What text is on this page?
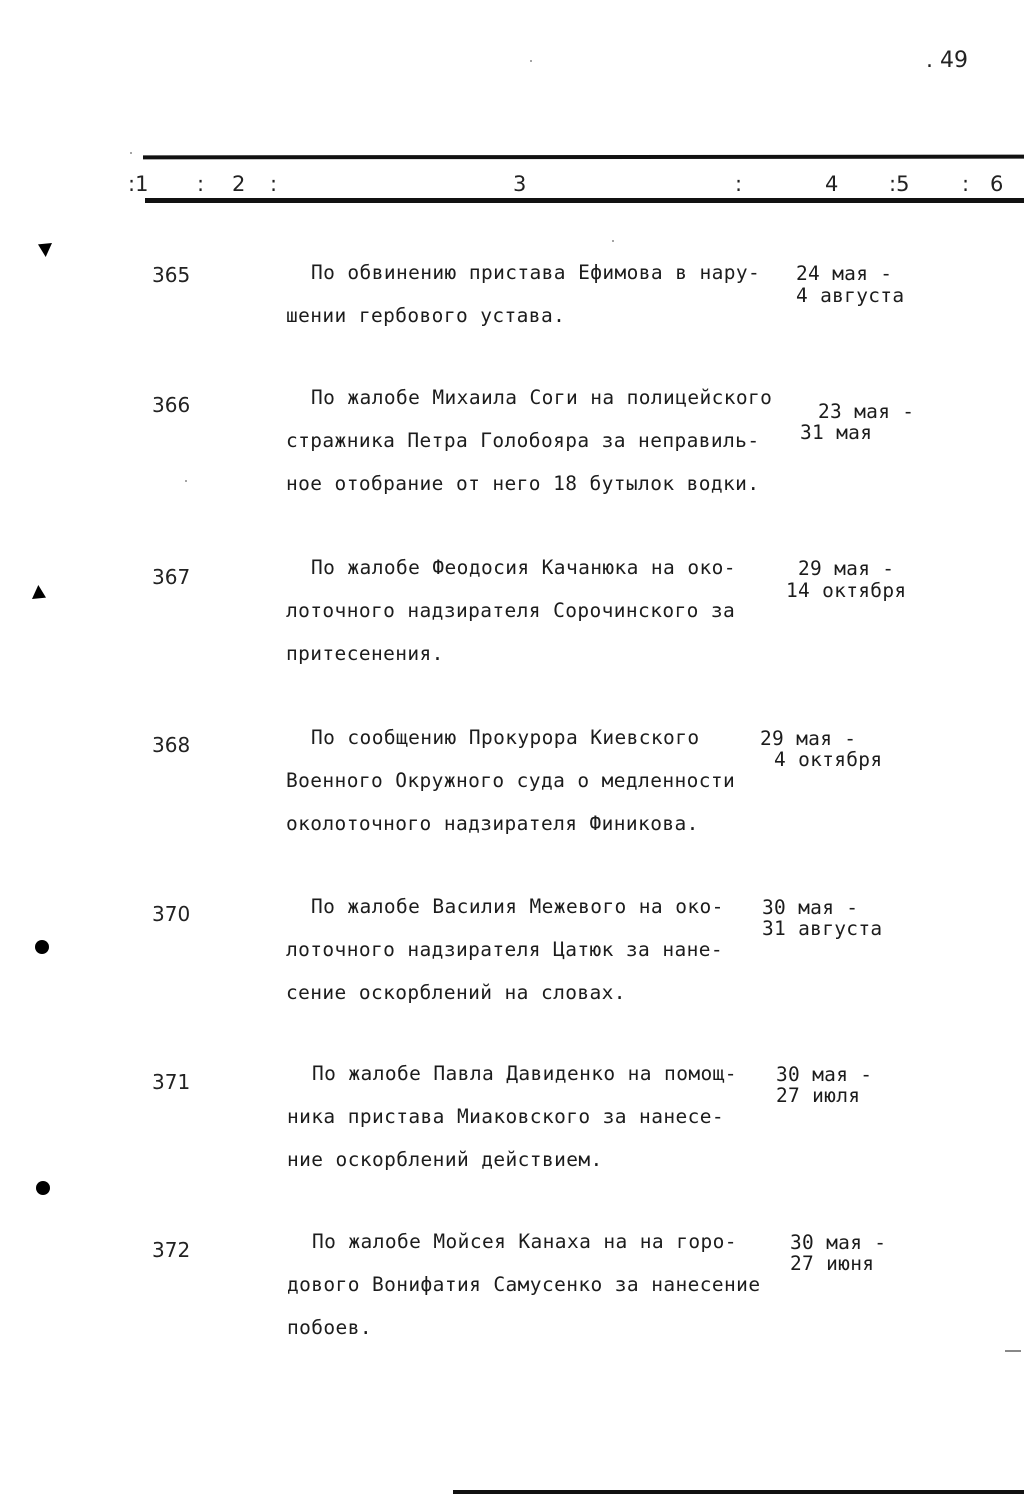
. 49
:1 : 2 :	3	:	4 :5	: 6
365	По обвинению пристава Ефимова в нару-
шении гербового устава.
24 мая -
4 августа
366	По жалобе Михаила Соги на полицейского
стражника Петра Голобояра за неправиль-
ное отобрание от него 18 бутылок водки.
23 мая -
31 мая
367	По жалобе Феодосия Качанюка на око-
лоточного надзирателя Сорочинского за
притесенения.
29 мая -
14 октября
368	По сообщению Прокурора Киевского
Военного Окружного суда о медленности
околоточного надзирателя Финикова.
29 мая -
4 октября
370	По жалобе Василия Межевого на око-
лоточного надзирателя Цатюк за нане-
сение оскорблений на словах.
30 мая -
31 августа
371	По жалобе Павла Давиденко на помощ-
ника пристава Миаковского за нанесе-
ние оскорблений действием.
30 мая -
27 июля
372	По жалобе Мойсея Канаха на на горо-
дового Вонифатия Самусенко за нанесение
побоев.
30 мая -
27 июня
